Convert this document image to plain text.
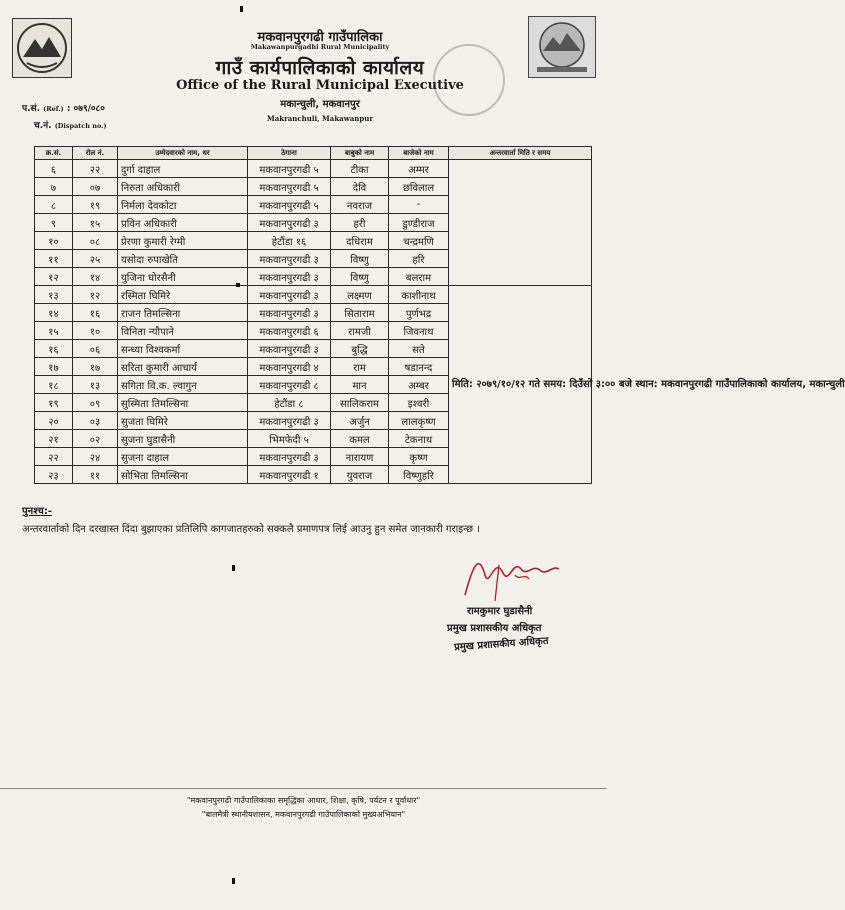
मकवानपुरगढी गाउँपालिका
Makawanpurgadhi Rural Municipality
गाउँ कार्यपालिकाको कार्यालय
Office of the Rural Municipal Executive
मकान्चुली, मकवानपुर
Makranchuli, Makawanpur
प.सं. (Ref.) : ०७९/०८०
च.नं. (Dispatch no.)
क्र.सं.	रोल नं.	उम्मेदवारको नाम, थर	ठेगाना	बाबुको नाम	बाजेको नाम	अन्तरवार्ता मिति र समय
६	२२	दुर्गा दाहाल	मकवानपुरगढी ५	टीका	अम्मर	
७	०७	निरुता अधिकारी	मकवानपुरगढी ५	देवि	छविलाल	
८	१९	निर्मला देवकोटा	मकवानपुरगढी ५	नवराज	-	
९	१५	प्रविन अधिकारी	मकवानपुरगढी ३	हरी	डुण्डीराज	
१०	०८	प्रेरणा कुमारी रेग्मी	हेटौंडा १६	दधिराम	चन्द्रमणि	
११	२५	यसोदा रुपाखेति	मकवानपुरगढी ३	विष्णु	हरि	
१२	१४	युजिना घोरसैनी	मकवानपुरगढी ३	विष्णु	बलराम	
१३	१२	रस्मिता घिमिरे	मकवानपुरगढी ३	लक्ष्मण	काशीनाथ	मिति: २०७९/१०/१२ गते समय: दिउँसो ३:०० बजे स्थान: मकवानपुरगढी गाउँपालिकाको कार्यालय, मकान्चुली
१४	१६	राजन तिमल्सिना	मकवानपुरगढी ३	सिताराम	पुर्णभद्र	
१५	१०	विनिता न्यौपाने	मकवानपुरगढी ६	रामजी	जिवनाथ	
१६	०६	सन्ध्या विश्वकर्मा	मकवानपुरगढी ३	बुद्धि	सते	
१७	१७	सरिता कुमारी आचार्य	मकवानपुरगढी ४	राम	षडानन्द	
१८	१३	सगिता वि.क. ल्वागुन	मकवानपुरगढी ८	मान	अम्बर	
१९	०९	सुस्मिता तिमल्सिना	हेटौंडा ८	सालिकराम	इश्वरी	
२०	०३	सुजता घिमिरे	मकवानपुरगढी ३	अर्जुन	लालकृष्ण	
२१	०२	सुजना घुडासैनी	भिमफेदी ५	कमल	टेकनाथ	
२२	२४	सुजना दाहाल	मकवानपुरगढी ३	नारायण	कृष्ण	
२३	११	सोभिता तिमल्सिना	मकवानपुरगढी १	युवराज	विष्णुहरि	
पुनश्च:-
अन्तरवार्ताको दिन दरखास्त दिंदा बुझाएका प्रतिलिपि कागजातहरुको सक्कलै प्रमाणपत्र लिई आउनु हुन समेत जानकारी गराइन्छ ।
रामकुमार घुडासैनी
प्रमुख प्रशासकीय अधिकृत
प्रमुख प्रशासकीय अधिकृत
"मकवानपुरगढी गाउँपालिकाका समृद्धिका आधार, शिक्षा, कृषि, पर्यटन र पूर्वाधार"
"बालमैत्री स्थानीयशासन, मकवानपुरगढी गाउँपालिकाको मुख्यअभियान"
